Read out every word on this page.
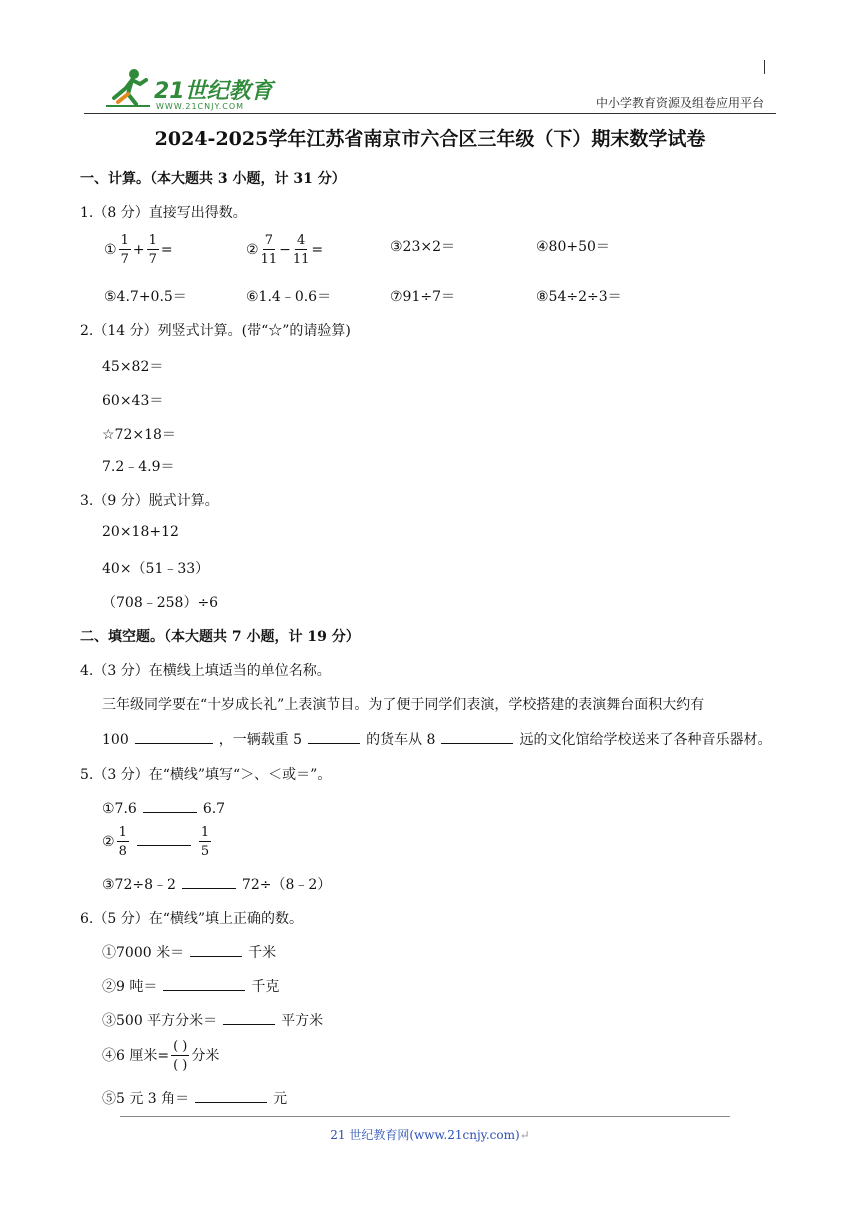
21世纪教育
WWW.21CNJY.COM	中小学教育资源及组卷应用平台
2024-2025学年江苏省南京市六合区三年级（下）期末数学试卷
一、计算。（本大题共 3 小题，计 31 分）
1.（8 分）直接写出得数。
① $\frac{1}{7} + \frac{1}{7}$ =	② $\frac{7}{11} - \frac{4}{11}$ =	③23×2＝	④80+50＝
⑤4.7+0.5＝	⑥1.4﹣0.6＝	⑦91÷7＝	⑧54÷2÷3＝
2.（14 分）列竖式计算。(带“☆”的请验算)
45×82＝
60×43＝
☆72×18＝
7.2﹣4.9＝
3.（9 分）脱式计算。
20×18+12
40×（51﹣33）
（708﹣258）÷6
二、填空题。（本大题共 7 小题，计 19 分）
4.（3 分）在横线上填适当的单位名称。
三年级同学要在“十岁成长礼”上表演节目。为了便于同学们表演，学校搭建的表演舞台面积大约有
100	，一辆载重 5	的货车从 8	远的文化馆给学校送来了各种音乐器材。
5.（3 分）在“横线”填写“＞、＜或＝”。
①7.6	6.7
② $\frac{1}{8}$	$\frac{1}{5}$
③72÷8﹣2	72÷（8﹣2）
6.（5 分）在“横线”填上正确的数。
①7000 米＝	千米
②9 吨＝	千克
③500 平方分米＝	平方米
④6 厘米= $\frac{( )}{( )}$ 分米
⑤5 元 3 角＝	元
21 世纪教育网(www.21cnjy.com)↵
